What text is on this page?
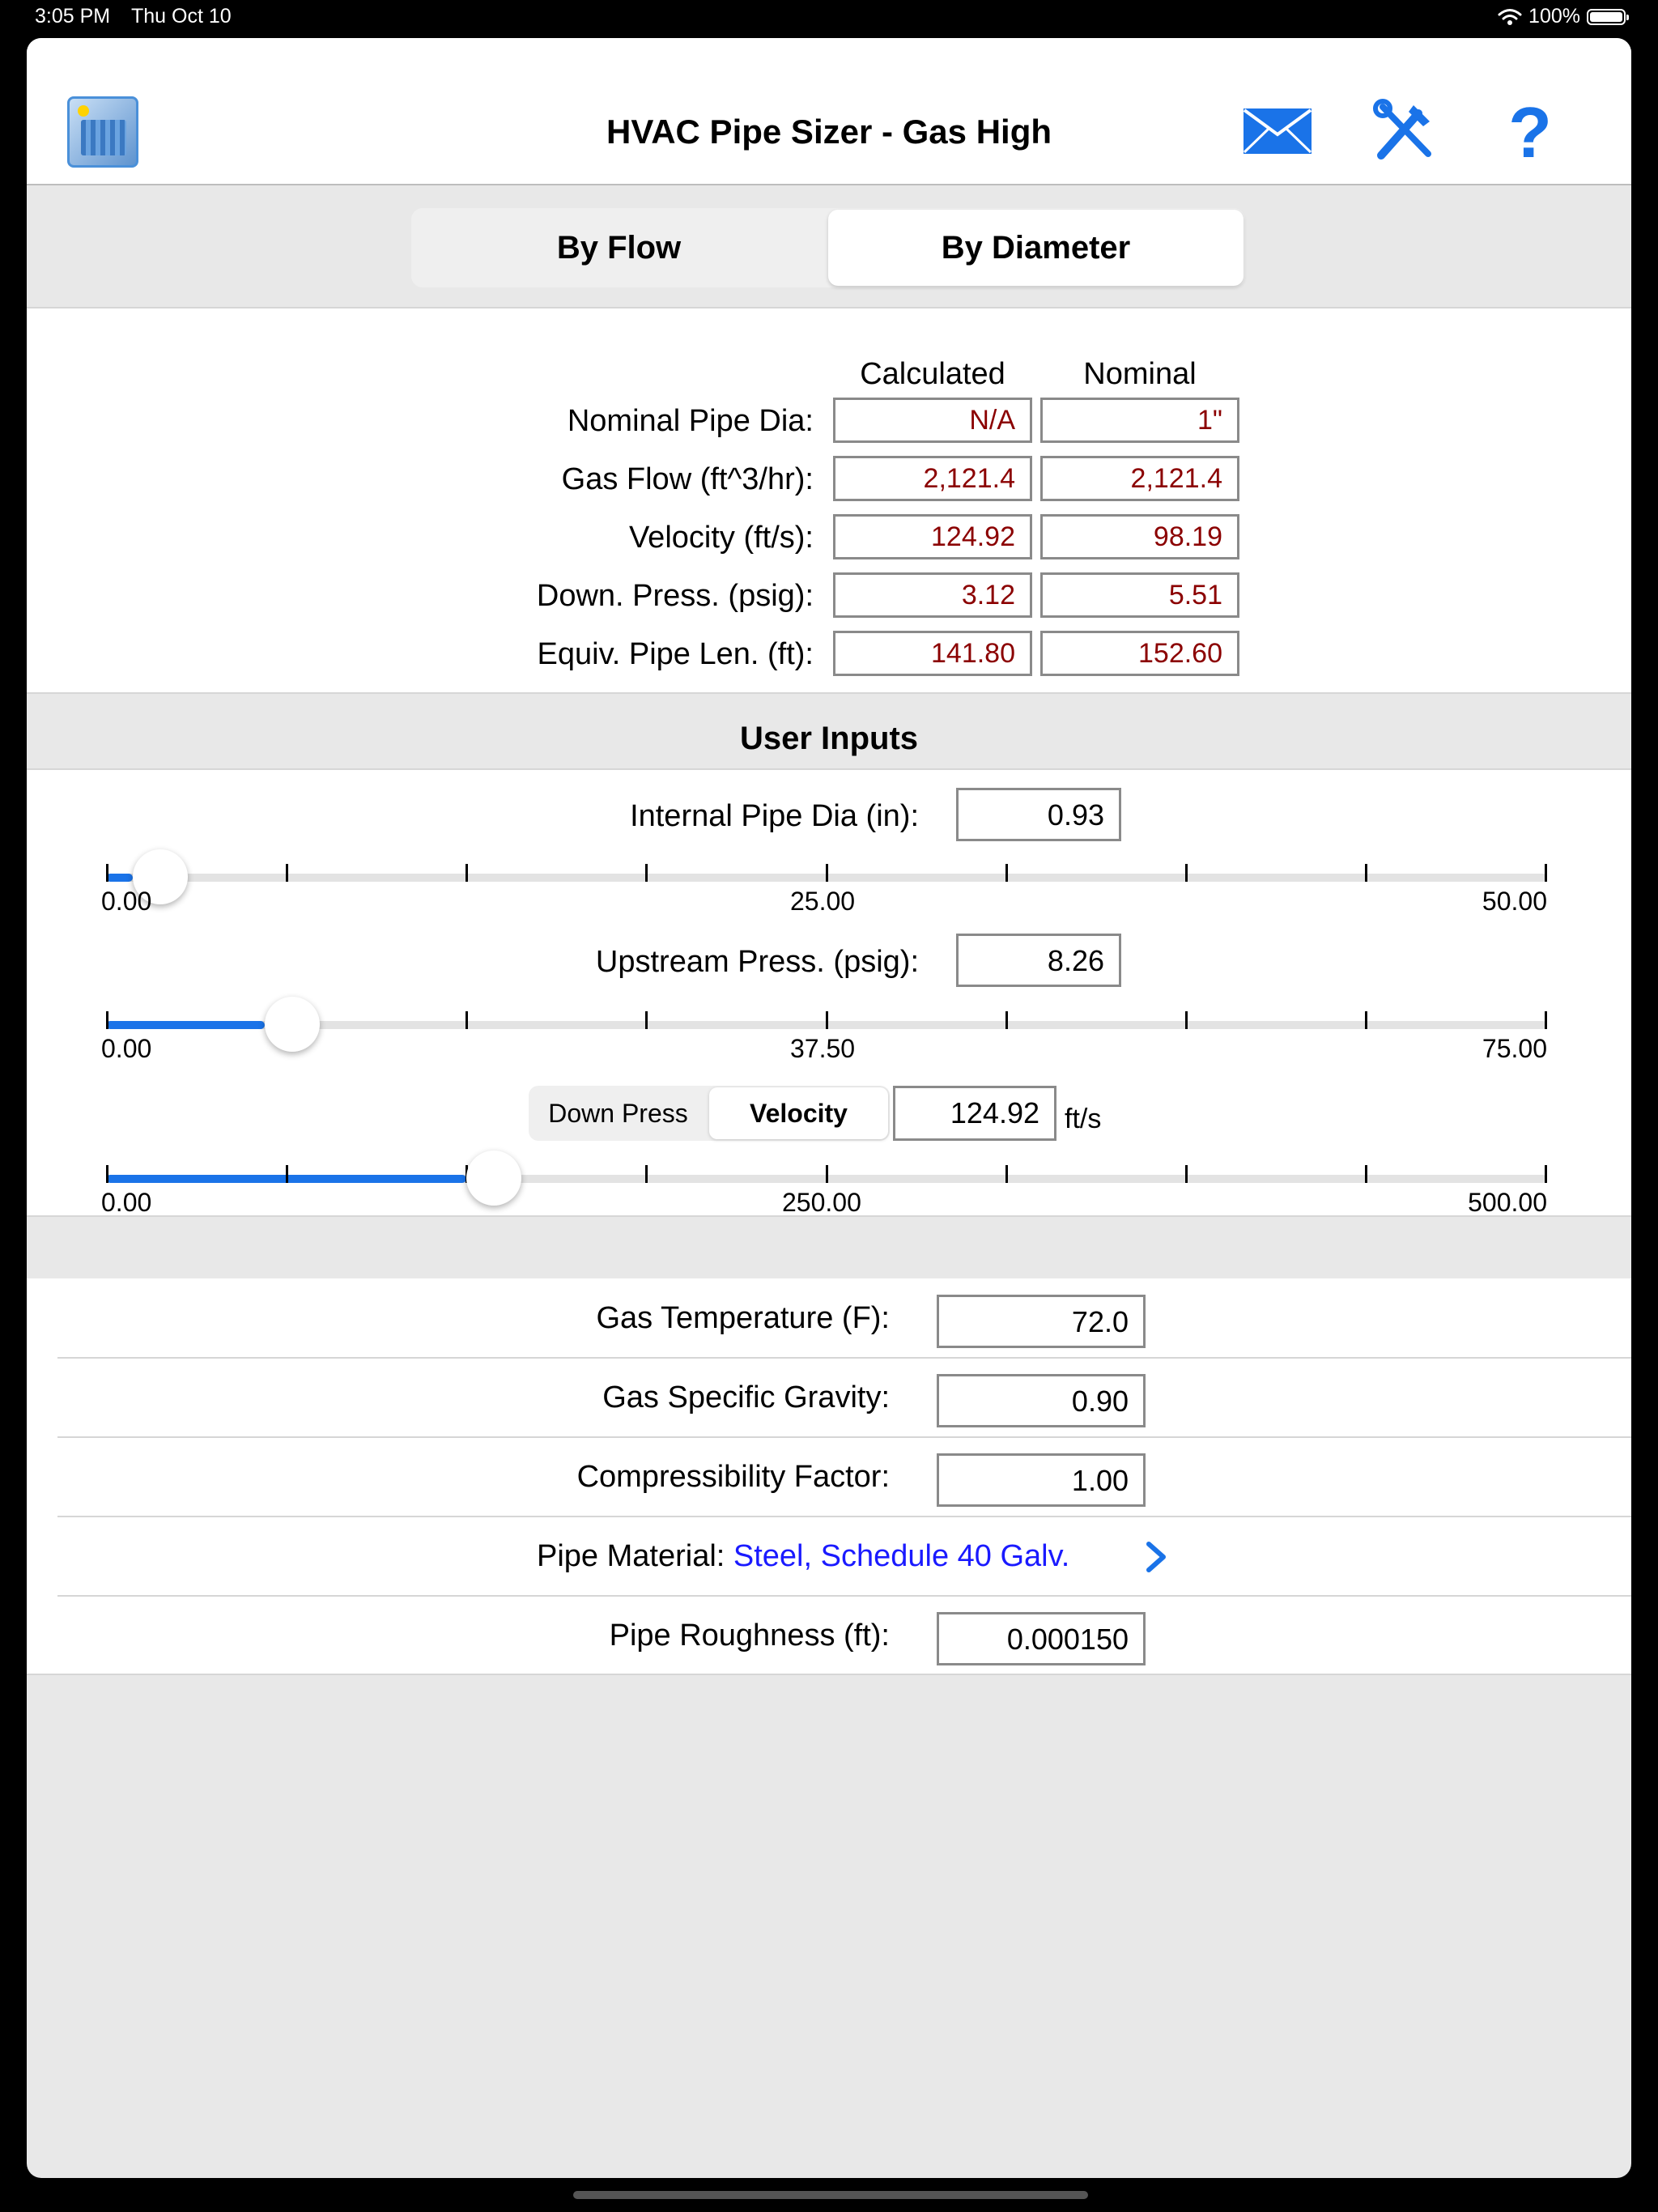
3:05 PM Thu Oct 10	100%
HVAC Pipe Sizer - Gas High	?
By Flow	By Diameter
Calculated	Nominal
Nominal Pipe Dia:	N/A	1"
Gas Flow (ft^3/hr):	2,121.4	2,121.4
Velocity (ft/s):	124.92	98.19
Down. Press. (psig):	3.12	5.51
Equiv. Pipe Len. (ft):	141.80	152.60
User Inputs
Internal Pipe Dia (in):	0.93
0.00	25.00	50.00
Upstream Press. (psig):	8.26
0.00	37.50	75.00
Down Press	Velocity	124.92 ft/s
0.00	250.00	500.00
Gas Temperature (F):	72.0
Gas Specific Gravity:	0.90
Compressibility Factor:	1.00
Pipe Material: Steel, Schedule 40 Galv.
Pipe Roughness (ft):	0.000150
